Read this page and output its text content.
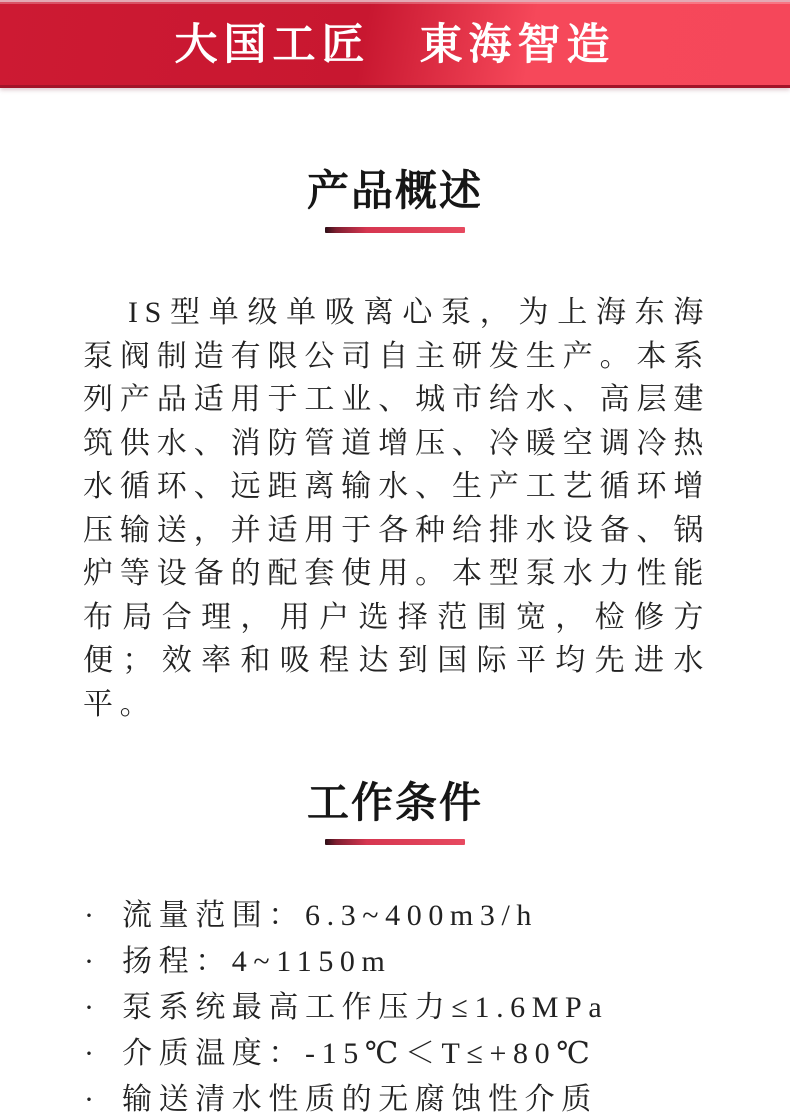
大国工匠　東海智造
产品概述

IS型单级单吸离心泵，为上海东海泵阀制造有限公司自主研发生产。本系列产品适用于工业、城市给水、高层建筑供水、消防管道增压、冷暖空调冷热水循环、远距离输水、生产工艺循环增压输送，并适用于各种给排水设备、锅炉等设备的配套使用。本型泵水力性能布局合理，用户选择范围宽，检修方便；效率和吸程达到国际平均先进水平。

工作条件
· 流量范围：6.3~400m3/h
· 扬程：4~1150m
· 泵系统最高工作压力≤1.6MPa
· 介质温度：-15℃＜T≤+80℃
· 输送清水性质的无腐蚀性介质
